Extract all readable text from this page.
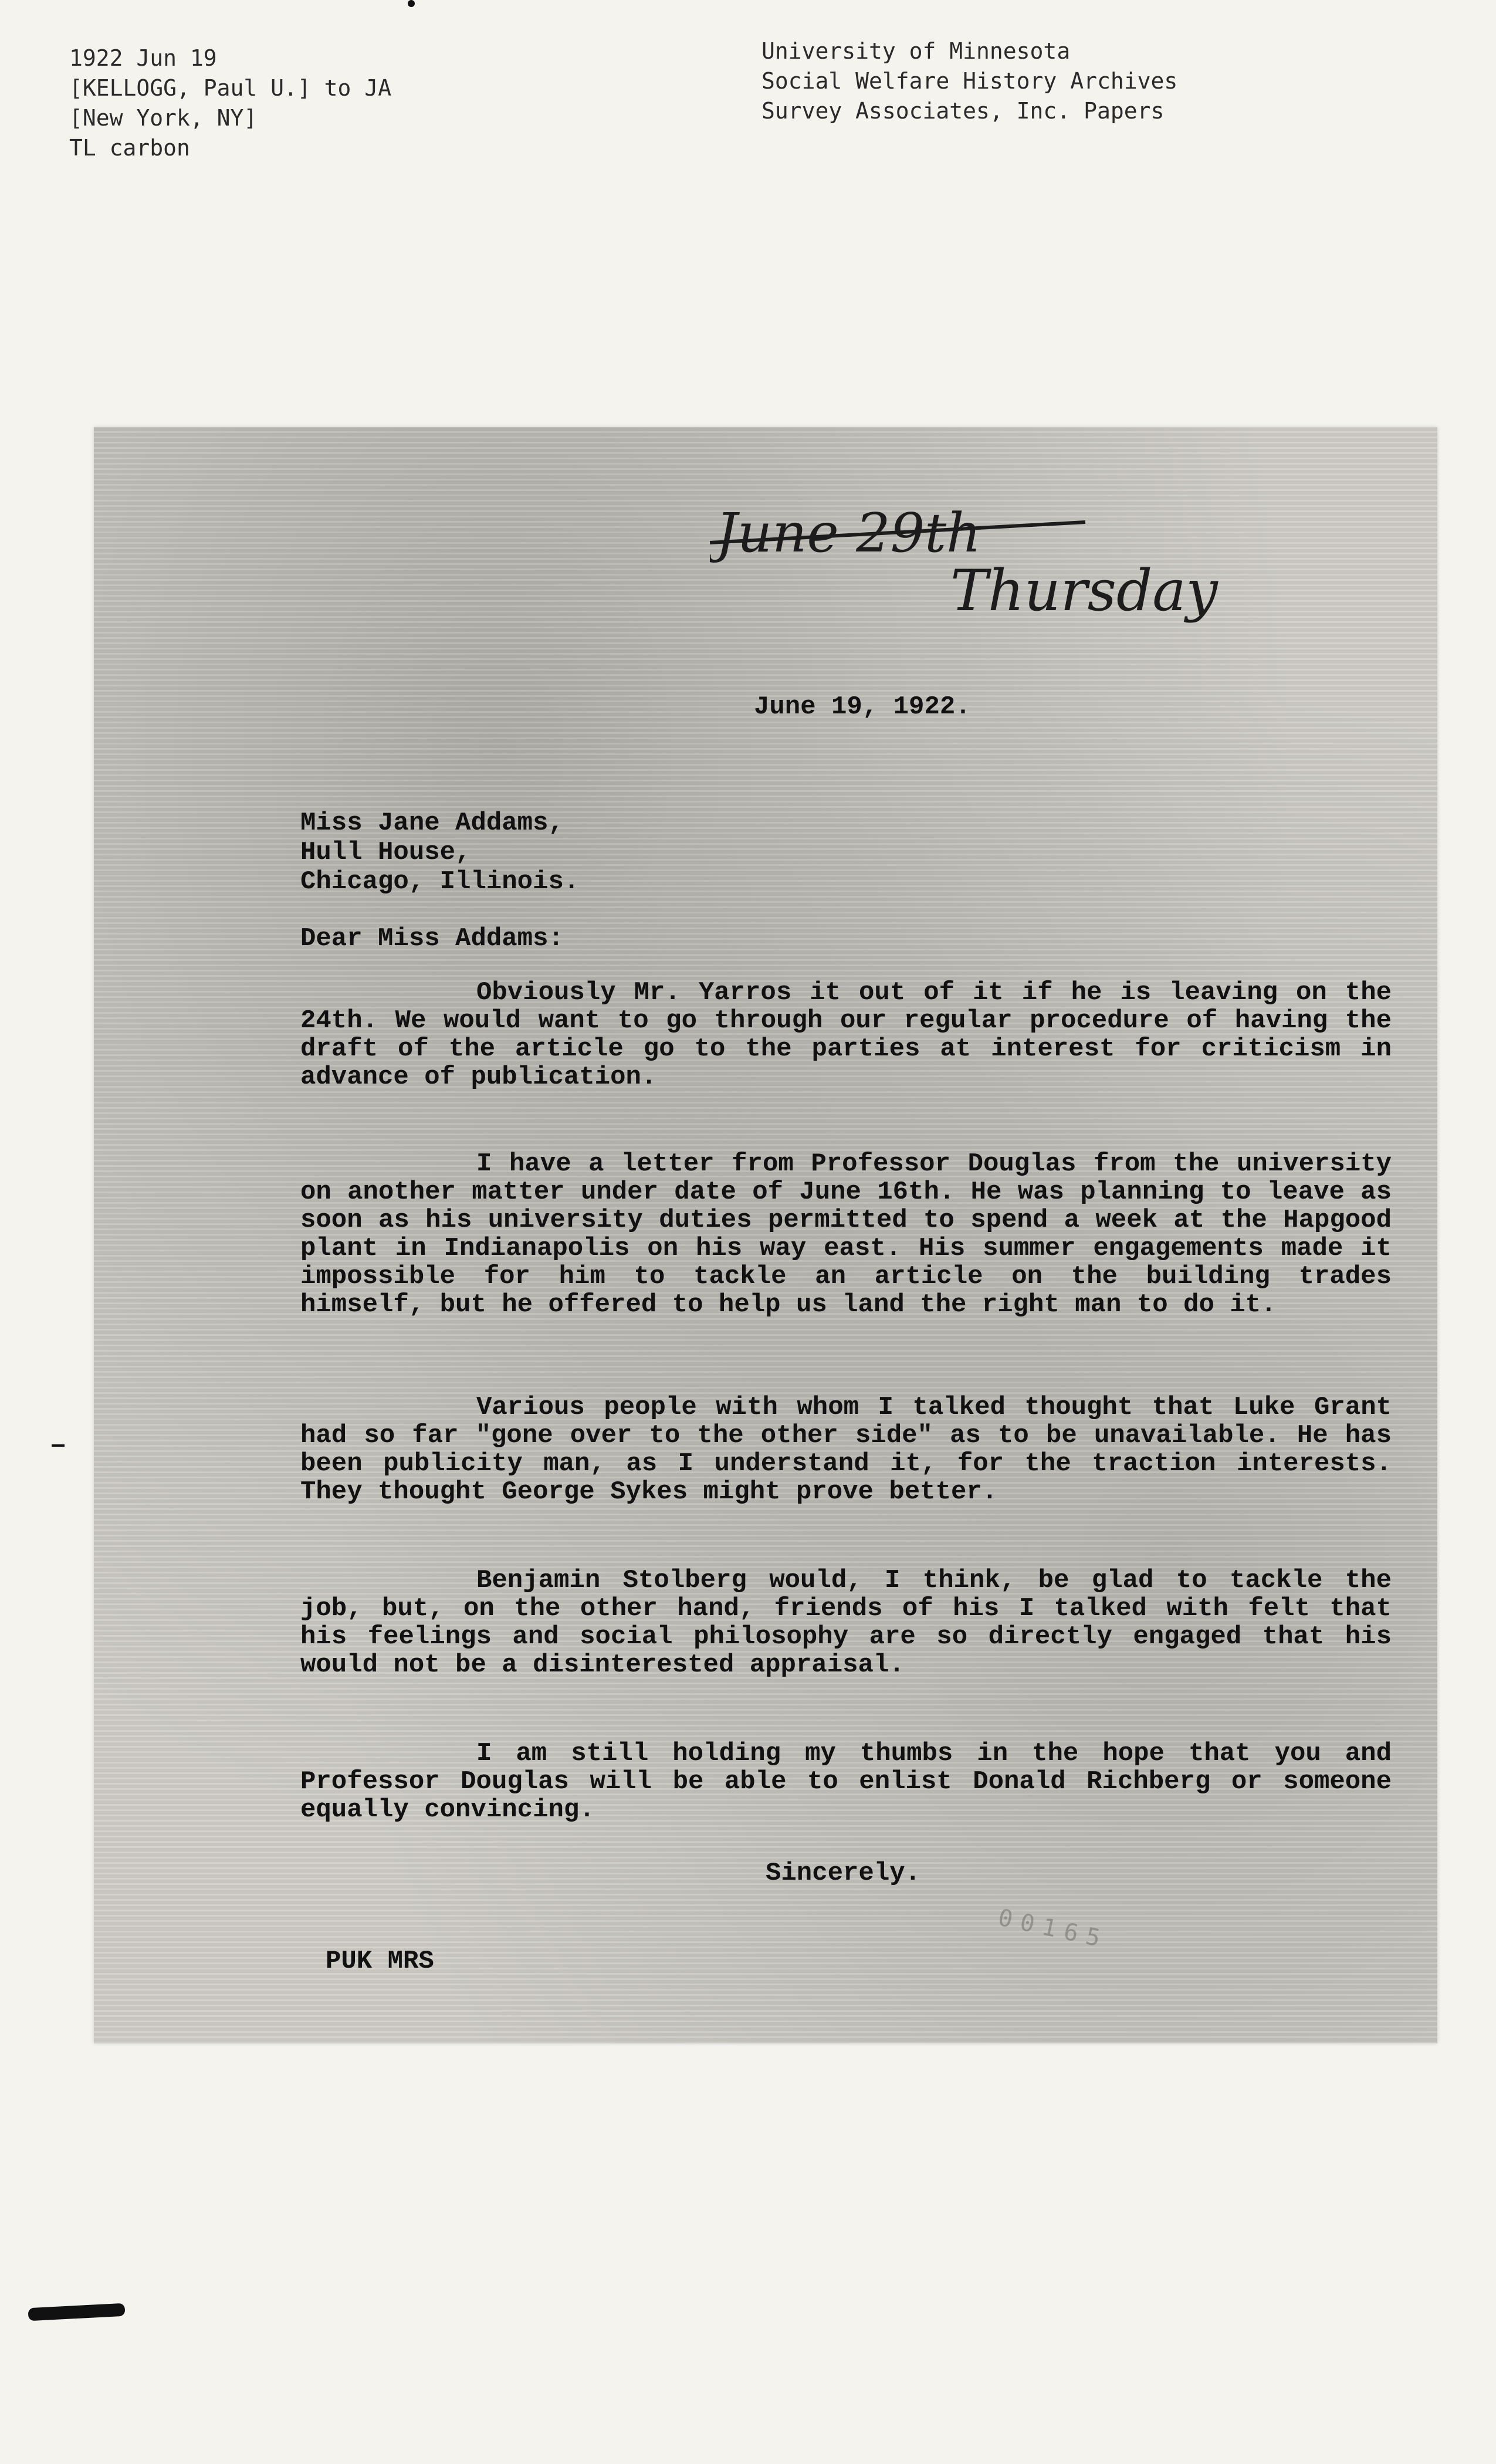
1922 Jun 19
[KELLOGG, Paul U.] to JA
[New York, NY]
TL carbon
University of Minnesota
Social Welfare History Archives
Survey Associates, Inc. Papers
June 29th
Thursday
June 19, 1922.
Miss Jane Addams,
Hull House,
Chicago, Illinois.
Dear Miss Addams:
Obviously Mr. Yarros it out of it if he is leaving on the 24th. We would want to go through our regular procedure of having the draft of the article go to the parties at interest for criticism in advance of publication.
I have a letter from Professor Douglas from the university on another matter under date of June 16th. He was planning to leave as soon as his university duties permitted to spend a week at the Hapgood plant in Indianapolis on his way east. His summer engagements made it impossible for him to tackle an article on the building trades himself, but he offered to help us land the right man to do it.
Various people with whom I talked thought that Luke Grant had so far "gone over to the other side" as to be unavailable. He has been publicity man, as I understand it, for the traction interests. They thought George Sykes might prove better.
Benjamin Stolberg would, I think, be glad to tackle the job, but, on the other hand, friends of his I talked with felt that his feelings and social philosophy are so directly engaged that his would not be a disinterested appraisal.
I am still holding my thumbs in the hope that you and Professor Douglas will be able to enlist Donald Richberg or someone equally convincing.
Sincerely.
PUK MRS
00165
